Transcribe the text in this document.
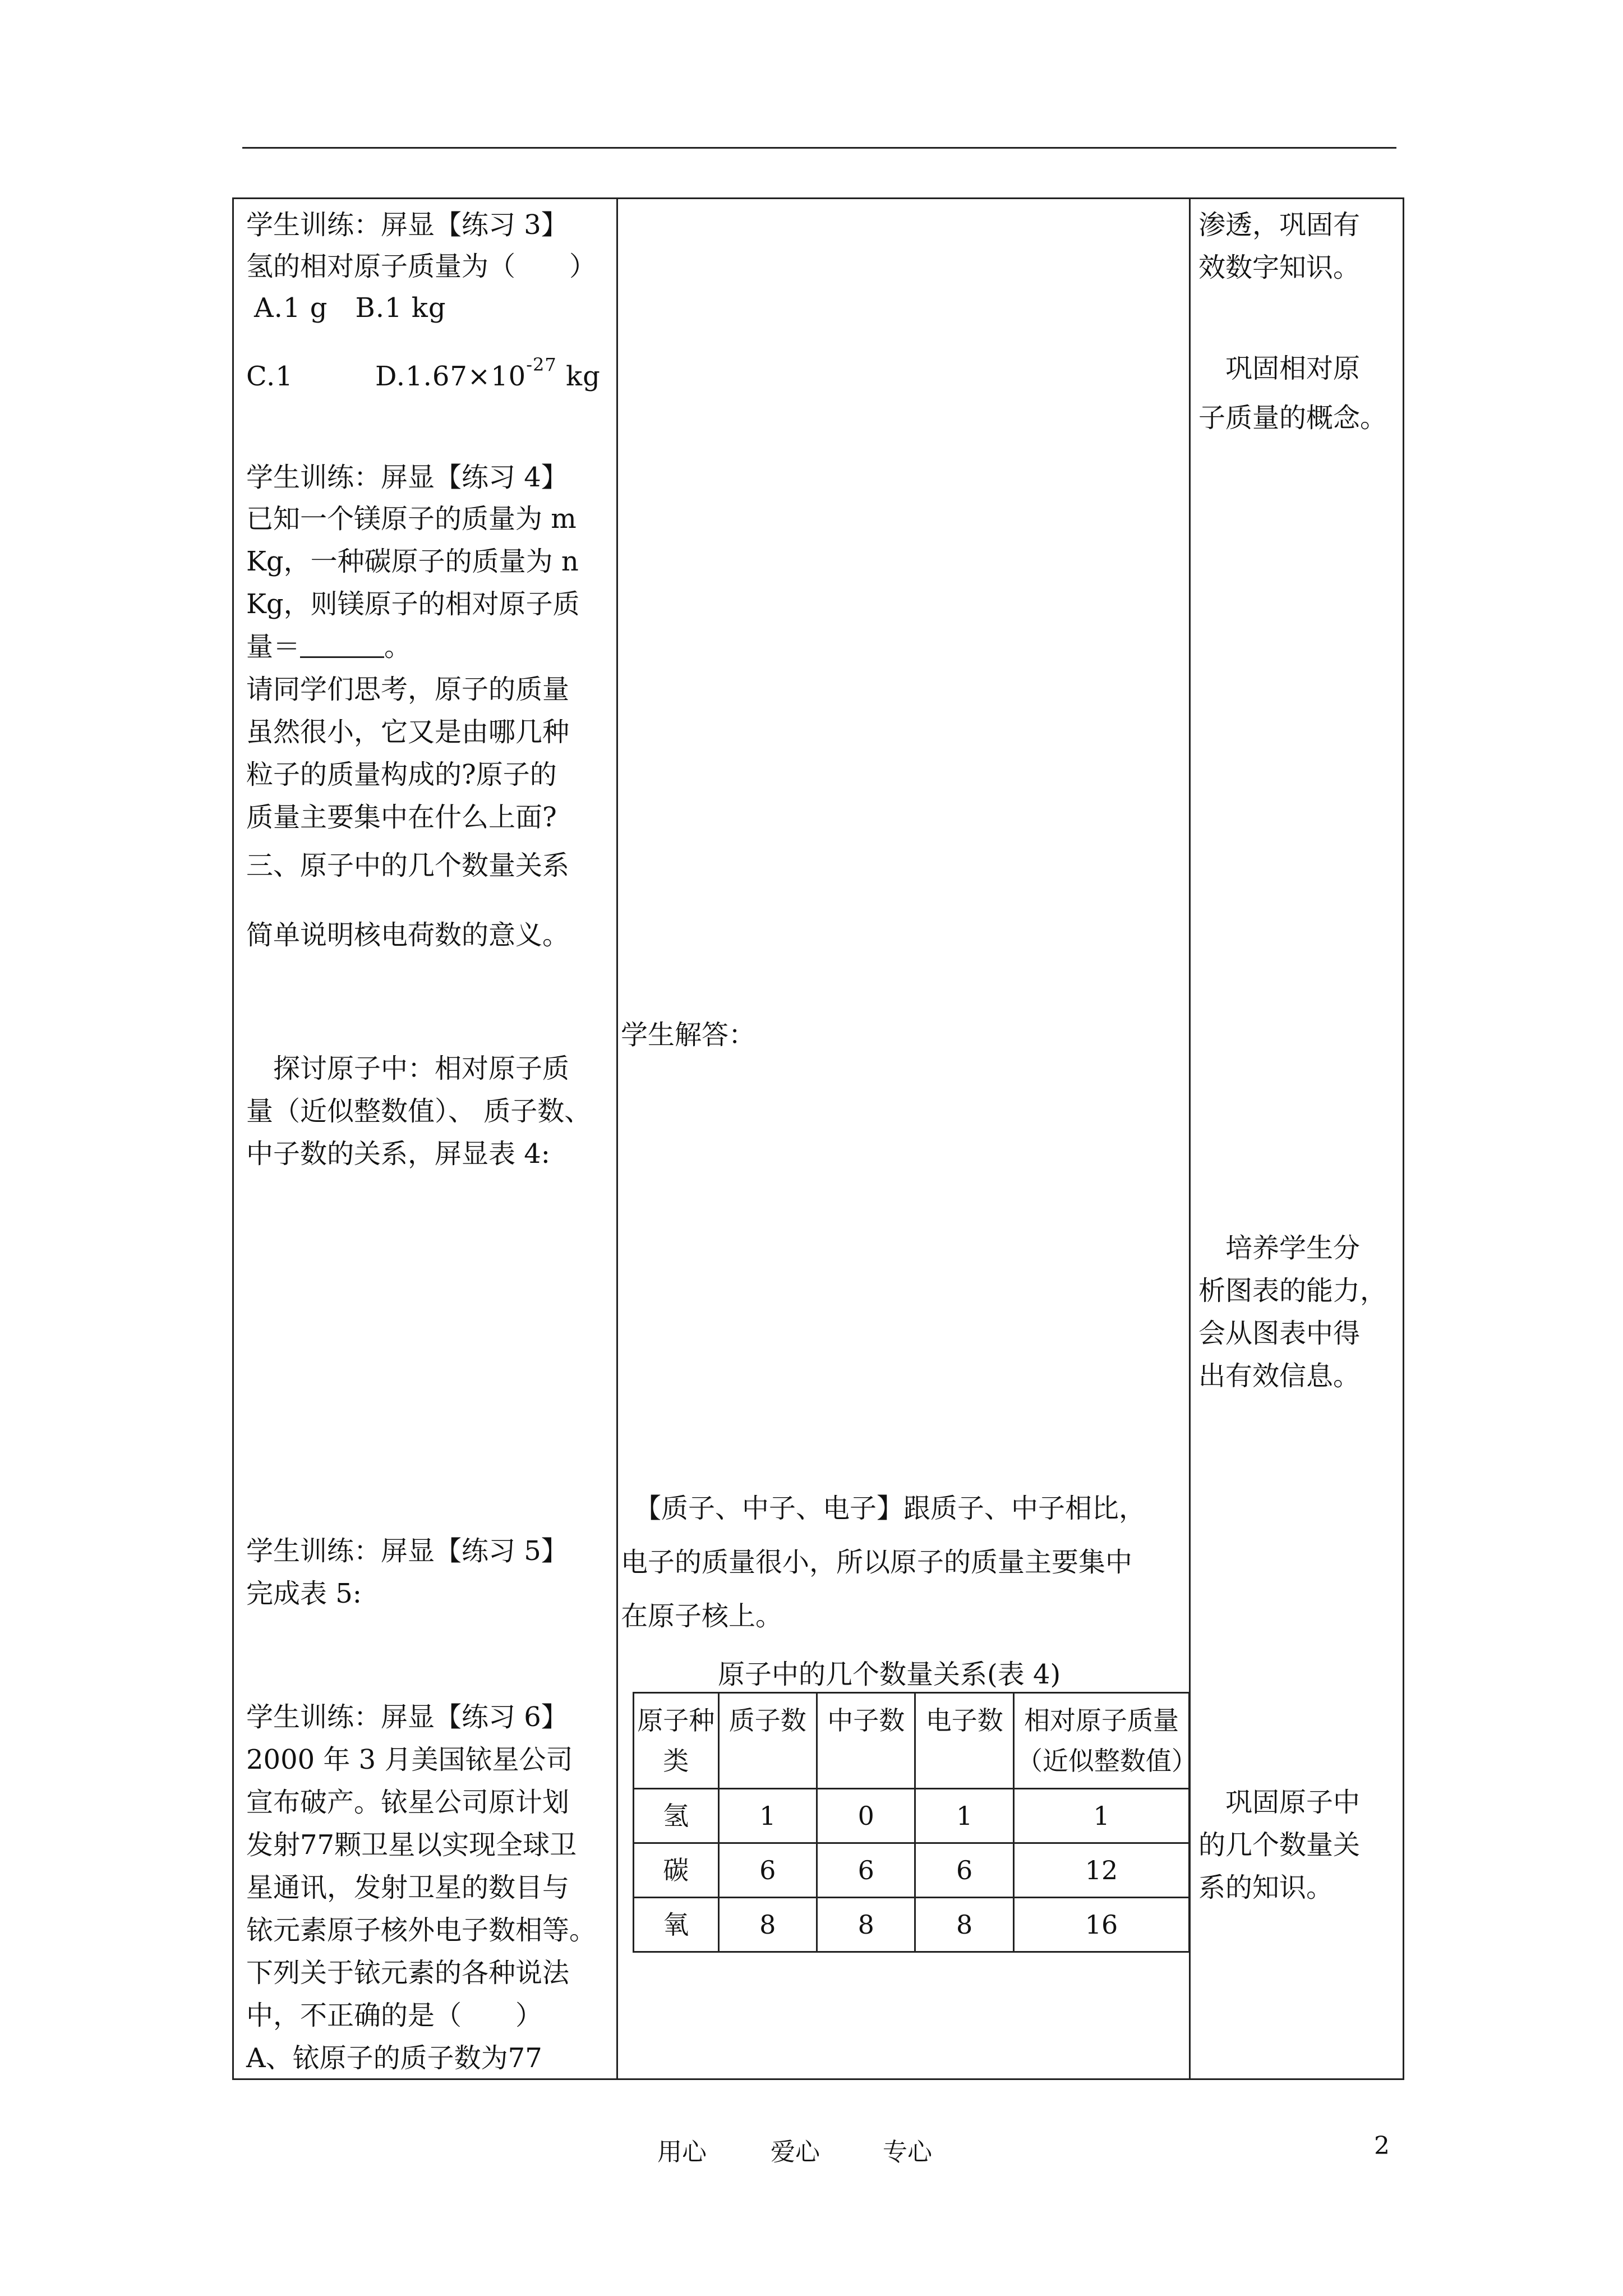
学生训练：屏显【练习 3】
氢的相对原子质量为（　　）
A.1 g　B.1 kg
C.1	$D.1.67\times 10^{-27}$ kg
学生训练：屏显【练习 4】
已知一个镁原子的质量为 m
Kg，一种碳原子的质量为 n
Kg，则镁原子的相对原子质
量＝	。
请同学们思考，原子的质量
虽然很小，它又是由哪几种
粒子的质量构成的?原子的
质量主要集中在什么上面?
三、原子中的几个数量关系
简单说明核电荷数的意义。
　探讨原子中：相对原子质
量（近似整数值）、 质子数、
中子数的关系，屏显表 4:
学生训练：屏显【练习 5】
完成表 5:
学生训练：屏显【练习 6】
2000 年 3 月美国铱星公司
宣布破产。铱星公司原计划
发射77颗卫星以实现全球卫
星通讯，发射卫星的数目与
铱元素原子核外电子数相等。
下列关于铱元素的各种说法
中，不正确的是（　　）
A、铱原子的质子数为77
学生解答：
　【质子、中子、电子】跟质子、中子相比，
电子的质量很小，所以原子的质量主要集中
在原子核上。
渗透，巩固有
效数字知识。
　巩固相对原
子质量的概念。
　培养学生分
析图表的能力，
会从图表中得
出有效信息。
　巩固原子中
的几个数量关
系的知识。
原子中的几个数量关系(表 4)
原子种类	质子数	中子数	电子数	相对原子质量（近似整数值）
氢	1	0	1	1
碳	6	6	6	12
氧	8	8	8	16
用心	爱心	专心	2
